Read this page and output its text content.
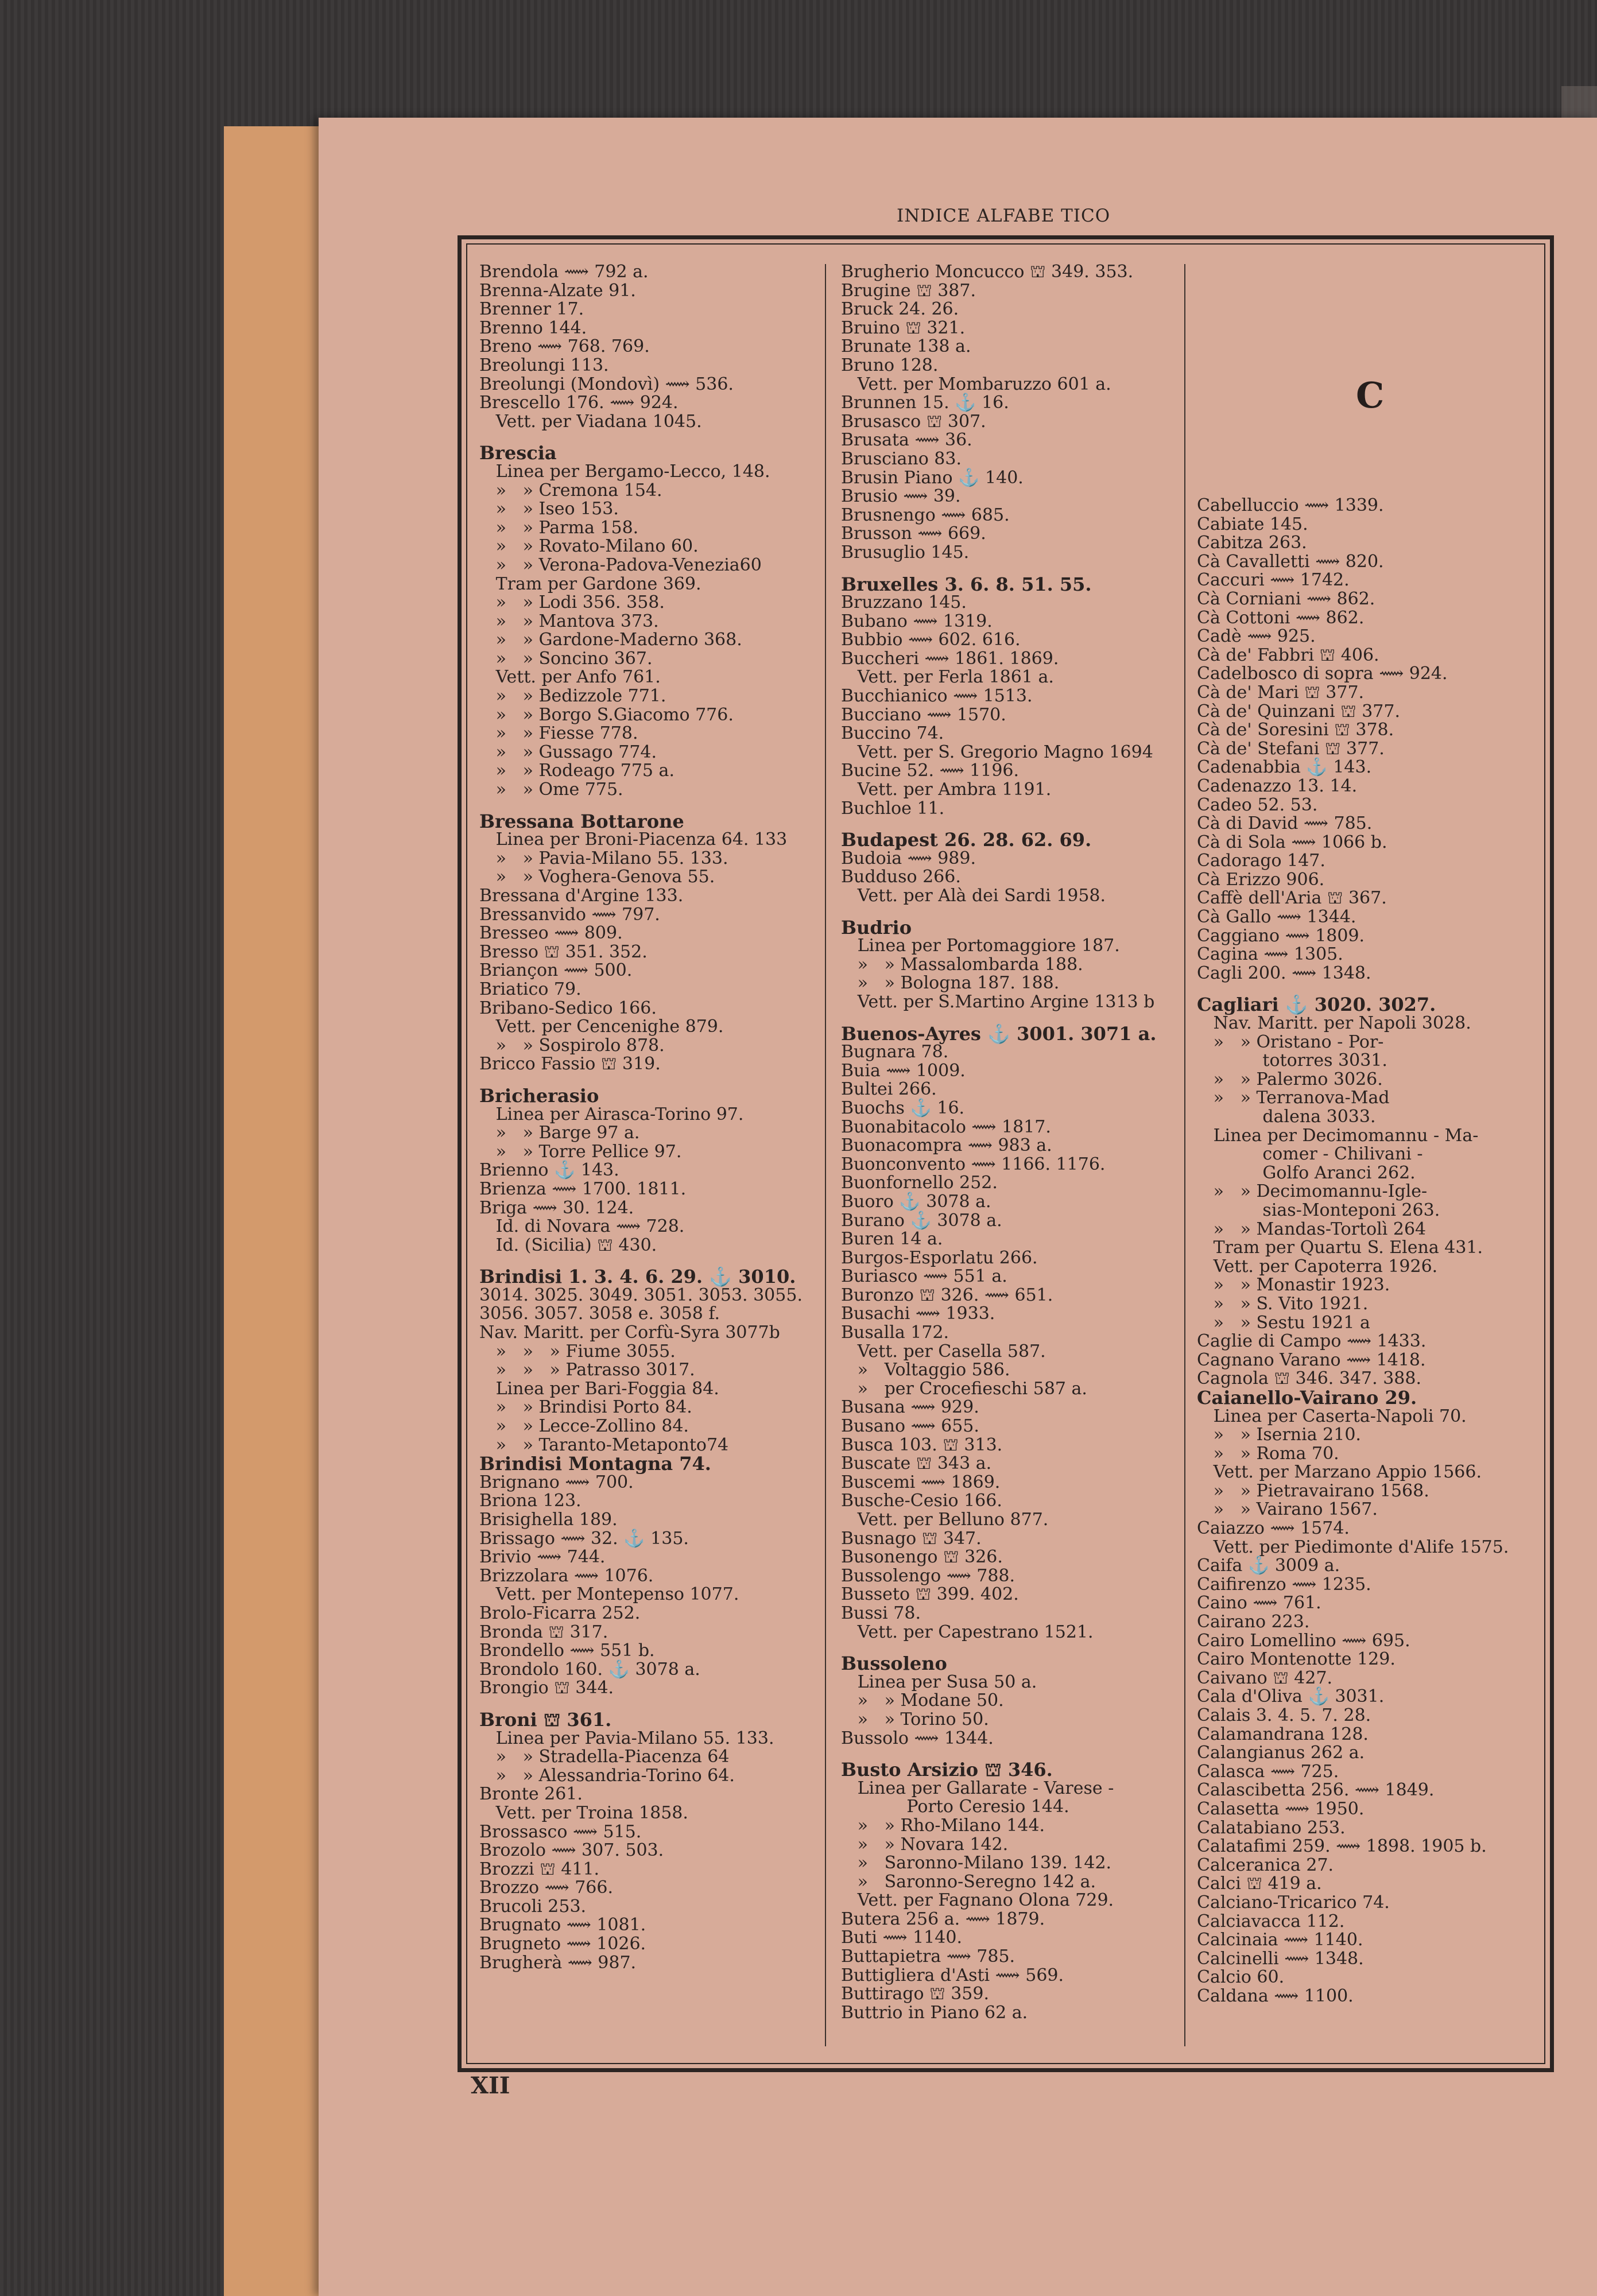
INDICE ALFABE TICO
Brendola ⟿ 792 a.
Brenna-Alzate 91.
Brenner 17.
Brenno 144.
Breno ⟿ 768. 769.
Breolungi 113.
Breolungi (Mondovì) ⟿ 536.
Brescello 176. ⟿ 924.
Vett. per Viadana 1045.
Brescia
Linea per Bergamo-Lecco, 148.
»   » Cremona 154.
»   » Iseo 153.
»   » Parma 158.
»   » Rovato-Milano 60.
»   » Verona-Padova-Venezia60
Tram per Gardone 369.
»   » Lodi 356. 358.
»   » Mantova 373.
»   » Gardone-Maderno 368.
»   » Soncino 367.
Vett. per Anfo 761.
»   » Bedizzole 771.
»   » Borgo S.Giacomo 776.
»   » Fiesse 778.
»   » Gussago 774.
»   » Rodeago 775 a.
»   » Ome 775.
Bressana Bottarone
Linea per Broni-Piacenza 64. 133
»   » Pavia-Milano 55. 133.
»   » Voghera-Genova 55.
Bressana d'Argine 133.
Bressanvido ⟿ 797.
Bresseo ⟿ 809.
Bresso ⛫ 351. 352.
Briançon ⟿ 500.
Briatico 79.
Bribano-Sedico 166.
Vett. per Cencenighe 879.
»   » Sospirolo 878.
Bricco Fassio ⛫ 319.
Bricherasio
Linea per Airasca-Torino 97.
»   » Barge 97 a.
»   » Torre Pellice 97.
Brienno ⚓ 143.
Brienza ⟿ 1700. 1811.
Briga ⟿ 30. 124.
Id. di Novara ⟿ 728.
Id. (Sicilia) ⛫ 430.
Brindisi 1. 3. 4. 6. 29. ⚓ 3010.
3014. 3025. 3049. 3051. 3053. 3055.
3056. 3057. 3058 e. 3058 f.
Nav. Maritt. per Corfù-Syra 3077b
»   »   » Fiume 3055.
»   »   » Patrasso 3017.
Linea per Bari-Foggia 84.
»   » Brindisi Porto 84.
»   » Lecce-Zollino 84.
»   » Taranto-Metaponto74
Brindisi Montagna 74.
Brignano ⟿ 700.
Briona 123.
Brisighella 189.
Brissago ⟿ 32. ⚓ 135.
Brivio ⟿ 744.
Brizzolara ⟿ 1076.
Vett. per Montepenso 1077.
Brolo-Ficarra 252.
Bronda ⛫ 317.
Brondello ⟿ 551 b.
Brondolo 160. ⚓ 3078 a.
Brongio ⛫ 344.
Broni ⛫ 361.
Linea per Pavia-Milano 55. 133.
»   » Stradella-Piacenza 64
»   » Alessandria-Torino 64.
Bronte 261.
Vett. per Troina 1858.
Brossasco ⟿ 515.
Brozolo ⟿ 307. 503.
Brozzi ⛫ 411.
Brozzo ⟿ 766.
Brucoli 253.
Brugnato ⟿ 1081.
Brugneto ⟿ 1026.
Brugherà ⟿ 987.
Brugherio Moncucco ⛫ 349. 353.
Brugine ⛫ 387.
Bruck 24. 26.
Bruino ⛫ 321.
Brunate 138 a.
Bruno 128.
Vett. per Mombaruzzo 601 a.
Brunnen 15. ⚓ 16.
Brusasco ⛫ 307.
Brusata ⟿ 36.
Brusciano 83.
Brusin Piano ⚓ 140.
Brusio ⟿ 39.
Brusnengo ⟿ 685.
Brusson ⟿ 669.
Brusuglio 145.
Bruxelles 3. 6. 8. 51. 55.
Bruzzano 145.
Bubano ⟿ 1319.
Bubbio ⟿ 602. 616.
Buccheri ⟿ 1861. 1869.
Vett. per Ferla 1861 a.
Bucchianico ⟿ 1513.
Bucciano ⟿ 1570.
Buccino 74.
Vett. per S. Gregorio Magno 1694
Bucine 52. ⟿ 1196.
Vett. per Ambra 1191.
Buchloe 11.
Budapest 26. 28. 62. 69.
Budoia ⟿ 989.
Budduso 266.
Vett. per Alà dei Sardi 1958.
Budrio
Linea per Portomaggiore 187.
»   » Massalombarda 188.
»   » Bologna 187. 188.
Vett. per S.Martino Argine 1313 b
Buenos-Ayres ⚓ 3001. 3071 a.
Bugnara 78.
Buia ⟿ 1009.
Bultei 266.
Buochs ⚓ 16.
Buonabitacolo ⟿ 1817.
Buonacompra ⟿ 983 a.
Buonconvento ⟿ 1166. 1176.
Buonfornello 252.
Buoro ⚓ 3078 a.
Burano ⚓ 3078 a.
Buren 14 a.
Burgos-Esporlatu 266.
Buriasco ⟿ 551 a.
Buronzo ⛫ 326. ⟿ 651.
Busachi ⟿ 1933.
Busalla 172.
Vett. per Casella 587.
»   Voltaggio 586.
»   per Crocefieschi 587 a.
Busana ⟿ 929.
Busano ⟿ 655.
Busca 103. ⛫ 313.
Buscate ⛫ 343 a.
Buscemi ⟿ 1869.
Busche-Cesio 166.
Vett. per Belluno 877.
Busnago ⛫ 347.
Busonengo ⛫ 326.
Bussolengo ⟿ 788.
Busseto ⛫ 399. 402.
Bussi 78.
Vett. per Capestrano 1521.
Bussoleno
Linea per Susa 50 a.
»   » Modane 50.
»   » Torino 50.
Bussolo ⟿ 1344.
Busto Arsizio ⛫ 346.
Linea per Gallarate - Varese -
Porto Ceresio 144.
»   » Rho-Milano 144.
»   » Novara 142.
»   Saronno-Milano 139. 142.
»   Saronno-Seregno 142 a.
Vett. per Fagnano Olona 729.
Butera 256 a. ⟿ 1879.
Buti ⟿ 1140.
Buttapietra ⟿ 785.
Buttigliera d'Asti ⟿ 569.
Buttirago ⛫ 359.
Buttrio in Piano 62 a.
Cabelluccio ⟿ 1339.
Cabiate 145.
Cabitza 263.
Cà Cavalletti ⟿ 820.
Caccuri ⟿ 1742.
Cà Corniani ⟿ 862.
Cà Cottoni ⟿ 862.
Cadè ⟿ 925.
Cà de' Fabbri ⛫ 406.
Cadelbosco di sopra ⟿ 924.
Cà de' Mari ⛫ 377.
Cà de' Quinzani ⛫ 377.
Cà de' Soresini ⛫ 378.
Cà de' Stefani ⛫ 377.
Cadenabbia ⚓ 143.
Cadenazzo 13. 14.
Cadeo 52. 53.
Cà di David ⟿ 785.
Cà di Sola ⟿ 1066 b.
Cadorago 147.
Cà Erizzo 906.
Caffè dell'Aria ⛫ 367.
Cà Gallo ⟿ 1344.
Caggiano ⟿ 1809.
Cagina ⟿ 1305.
Cagli 200. ⟿ 1348.
Cagliari ⚓ 3020. 3027.
Nav. Maritt. per Napoli 3028.
»   » Oristano - Por-
totorres 3031.
»   » Palermo 3026.
»   » Terranova-Mad
dalena 3033.
Linea per Decimomannu - Ma-
comer - Chilivani -
Golfo Aranci 262.
»   » Decimomannu-Igle-
sias-Monteponi 263.
»   » Mandas-Tortolì 264
Tram per Quartu S. Elena 431.
Vett. per Capoterra 1926.
»   » Monastir 1923.
»   » S. Vito 1921.
»   » Sestu 1921 a
Caglie di Campo ⟿ 1433.
Cagnano Varano ⟿ 1418.
Cagnola ⛫ 346. 347. 388.
Caianello-Vairano 29.
Linea per Caserta-Napoli 70.
»   » Isernia 210.
»   » Roma 70.
Vett. per Marzano Appio 1566.
»   » Pietravairano 1568.
»   » Vairano 1567.
Caiazzo ⟿ 1574.
Vett. per Piedimonte d'Alife 1575.
Caifa ⚓ 3009 a.
Caifirenzo ⟿ 1235.
Caino ⟿ 761.
Cairano 223.
Cairo Lomellino ⟿ 695.
Cairo Montenotte 129.
Caivano ⛫ 427.
Cala d'Oliva ⚓ 3031.
Calais 3. 4. 5. 7. 28.
Calamandrana 128.
Calangianus 262 a.
Calasca ⟿ 725.
Calascibetta 256. ⟿ 1849.
Calasetta ⟿ 1950.
Calatabiano 253.
Calatafimi 259. ⟿ 1898. 1905 b.
Calceranica 27.
Calci ⛫ 419 a.
Calciano-Tricarico 74.
Calciavacca 112.
Calcinaia ⟿ 1140.
Calcinelli ⟿ 1348.
Calcio 60.
Caldana ⟿ 1100.
C
XII
